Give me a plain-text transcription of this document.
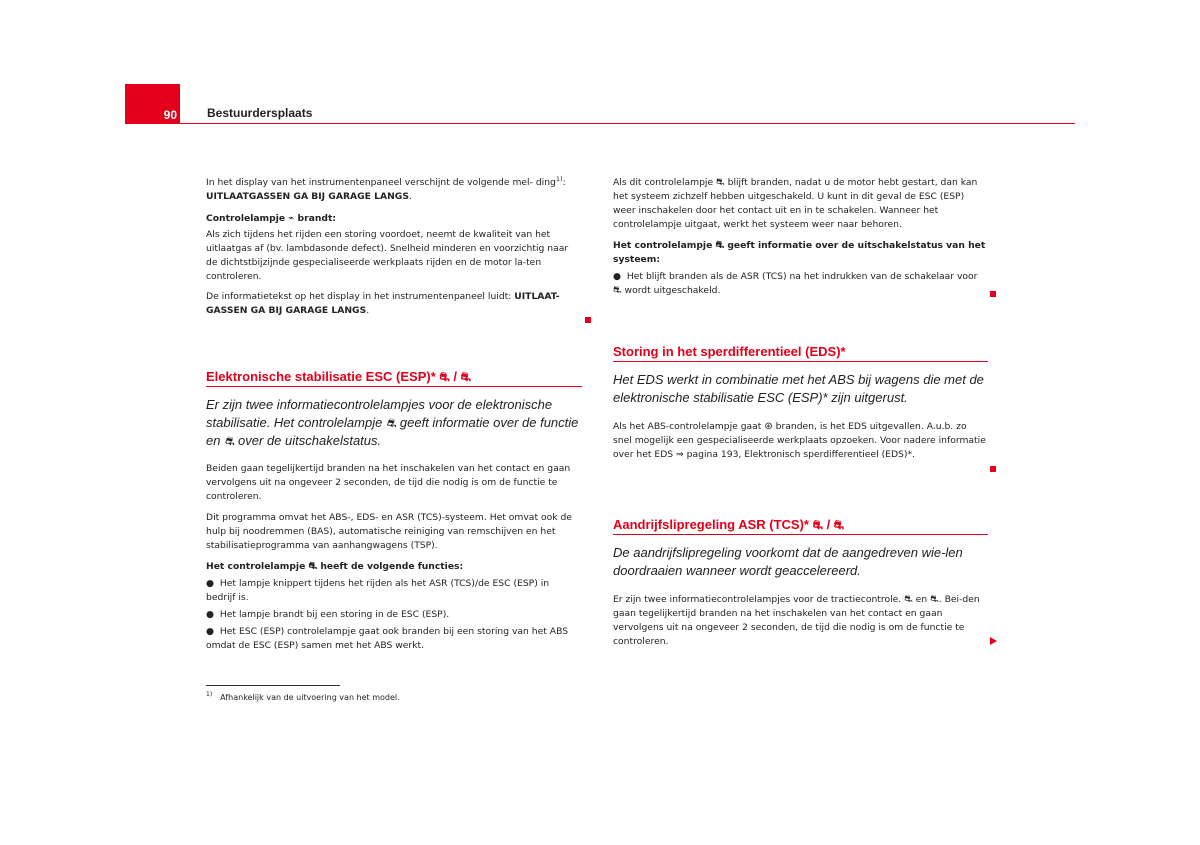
90	Bestuurdersplaats

In het display van het instrumentenpaneel verschijnt de volgende mel- ding$^{1)}$: UITLAATGASSEN GA BIJ GARAGE LANGS.

Controlelampje ⌁ brandt:

Als zich tijdens het rijden een storing voordoet, neemt de kwaliteit van het uitlaatgas af (bv. lambdasonde defect). Snelheid minderen en voorzichtig naar de dichtstbijzijnde gespecialiseerde werkplaats rijden en de motor la-ten controleren.

De informatietekst op het display in het instrumentenpaneel luidt: UITLAAT-GASSEN GA BIJ GARAGE LANGS.

Elektronische stabilisatie ESC (ESP)* ⛐ / ⛐
Er zijn twee informatiecontrolelampjes voor de elektronische stabilisatie. Het controlelampje ⛐ geeft informatie over de functie en ⛐ over de uitschakelstatus.

Beiden gaan tegelijkertijd branden na het inschakelen van het contact en gaan vervolgens uit na ongeveer 2 seconden, de tijd die nodig is om de functie te controleren.

Dit programma omvat het ABS-, EDS- en ASR (TCS)-systeem. Het omvat ook de hulp bij noodremmen (BAS), automatische reiniging van remschijven en het stabilisatieprogramma van aanhangwagens (TSP).

Het controlelampje ⛐ heeft de volgende functies:

●  Het lampje knippert tijdens het rijden als het ASR (TCS)/de ESC (ESP) in bedrijf is.

●  Het lampje brandt bij een storing in de ESC (ESP).

●  Het ESC (ESP) controlelampje gaat ook branden bij een storing van het ABS omdat de ESC (ESP) samen met het ABS werkt.

$^{1)}$ Afhankelijk van de uitvoering van het model.

Als dit controlelampje ⛐ blijft branden, nadat u de motor hebt gestart, dan kan het systeem zichzelf hebben uitgeschakeld. U kunt in dit geval de ESC (ESP) weer inschakelen door het contact uit en in te schakelen. Wanneer het controlelampje uitgaat, werkt het systeem weer naar behoren.

Het controlelampje ⛐ geeft informatie over de uitschakelstatus van het systeem:

●  Het blijft branden als de ASR (TCS) na het indrukken van de schakelaar voor ⛐ wordt uitgeschakeld.

Storing in het sperdifferentieel (EDS)*
Het EDS werkt in combinatie met het ABS bij wagens die met de elektronische stabilisatie ESC (ESP)* zijn uitgerust.

Als het ABS-controlelampje gaat ⊛ branden, is het EDS uitgevallen. A.u.b. zo snel mogelijk een gespecialiseerde werkplaats opzoeken. Voor nadere informatie over het EDS ⇒ pagina 193, Elektronisch sperdifferentieel (EDS)*.

Aandrijfslipregeling ASR (TCS)* ⛐ / ⛐
De aandrijfslipregeling voorkomt dat de aangedreven wie-len doordraaien wanneer wordt geaccelereerd.

Er zijn twee informatiecontrolelampjes voor de tractiecontrole. ⛐ en ⛐. Bei-den gaan tegelijkertijd branden na het inschakelen van het contact en gaan vervolgens uit na ongeveer 2 seconden, de tijd die nodig is om de functie te controleren.
